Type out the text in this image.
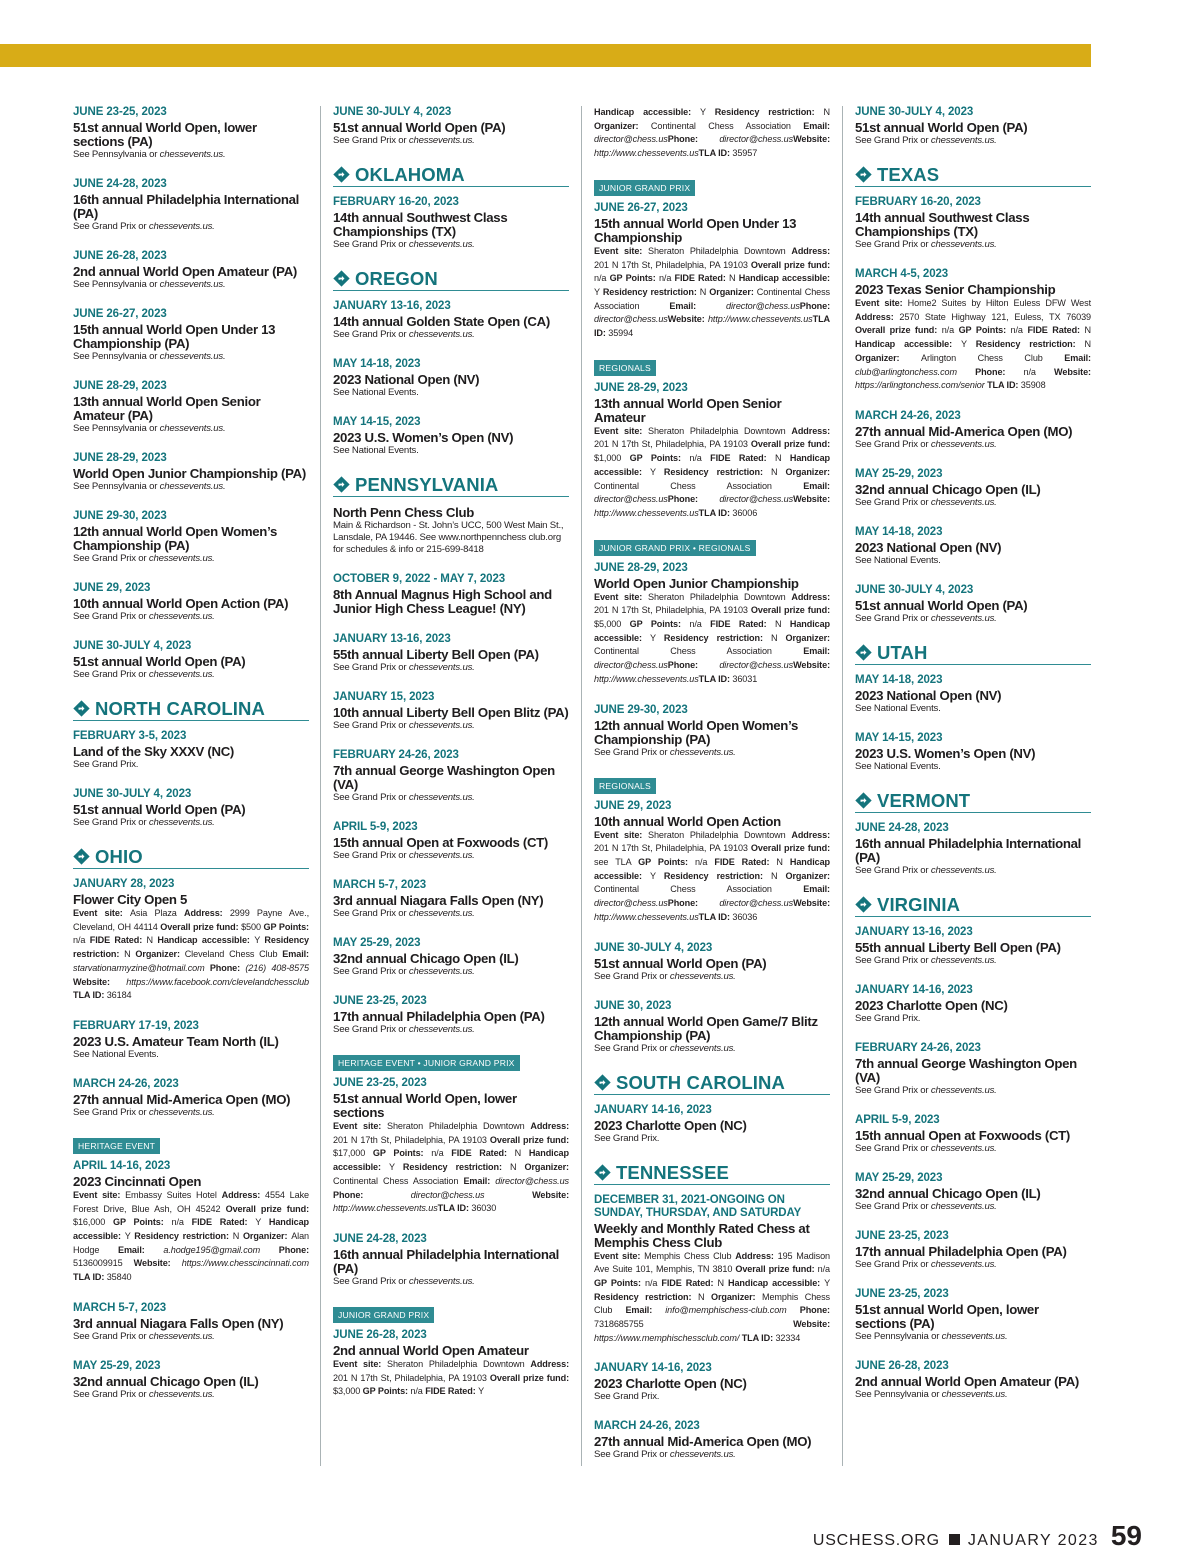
JUNE 23-25, 2023
51st annual World Open, lower sections (PA)
See Pennsylvania or chessevents.us.
JUNE 24-28, 2023
16th annual Philadelphia International (PA)
See Grand Prix or chessevents.us.
JUNE 26-28, 2023
2nd annual World Open Amateur (PA)
See Pennsylvania or chessevents.us.
JUNE 26-27, 2023
15th annual World Open Under 13 Championship (PA)
See Pennsylvania or chessevents.us.
JUNE 28-29, 2023
13th annual World Open Senior Amateur (PA)
See Pennsylvania or chessevents.us.
JUNE 28-29, 2023
World Open Junior Championship (PA)
See Pennsylvania or chessevents.us.
JUNE 29-30, 2023
12th annual World Open Women’s Championship (PA)
See Grand Prix or chessevents.us.
JUNE 29, 2023
10th annual World Open Action (PA)
See Grand Prix or chessevents.us.
JUNE 30-JULY 4, 2023
51st annual World Open (PA)
See Grand Prix or chessevents.us.
NORTH CAROLINA
FEBRUARY 3-5, 2023
Land of the Sky XXXV (NC)
See Grand Prix.
JUNE 30-JULY 4, 2023
51st annual World Open (PA)
See Grand Prix or chessevents.us.
OHIO
JANUARY 28, 2023
Flower City Open 5
Event site: Asia Plaza Address: 2999 Payne Ave., Cleveland, OH 44114 Overall prize fund: $500 GP Points: n/a FIDE Rated: N Handicap accessible: Y Residency restriction: N Organizer: Cleveland Chess Club Email: starvationarmyzine@hotmail.com Phone: (216) 408-8575 Website: https://www.facebook.com/clevelandchessclub TLA ID: 36184
FEBRUARY 17-19, 2023
2023 U.S. Amateur Team North (IL)
See National Events.
MARCH 24-26, 2023
27th annual Mid-America Open (MO)
See Grand Prix or chessevents.us.
HERITAGE EVENT

APRIL 14-16, 2023
2023 Cincinnati Open
Event site: Embassy Suites Hotel Address: 4554 Lake Forest Drive, Blue Ash, OH 45242 Overall prize fund: $16,000 GP Points: n/a FIDE Rated: Y Handicap accessible: Y Residency restriction: N Organizer: Alan Hodge Email: a.hodge195@gmail.com Phone: 5136009915 Website: https://www.chesscincinnati.com TLA ID: 35840
MARCH 5-7, 2023
3rd annual Niagara Falls Open (NY)
See Grand Prix or chessevents.us.
MAY 25-29, 2023
32nd annual Chicago Open (IL)
See Grand Prix or chessevents.us.
JUNE 30-JULY 4, 2023
51st annual World Open (PA)
See Grand Prix or chessevents.us.
OKLAHOMA
FEBRUARY 16-20, 2023
14th annual Southwest Class Championships (TX)
See Grand Prix or chessevents.us.
OREGON
JANUARY 13-16, 2023
14th annual Golden State Open (CA)
See Grand Prix or chessevents.us.
MAY 14-18, 2023
2023 National Open (NV)
See National Events.
MAY 14-15, 2023
2023 U.S. Women’s Open (NV)
See National Events.
PENNSYLVANIA
North Penn Chess Club
Main & Richardson - St. John’s UCC, 500 West Main St., Lansdale, PA 19446. See www.northpennchess club.org for schedules & info or 215-699-8418
OCTOBER 9, 2022 - MAY 7, 2023
8th Annual Magnus High School and Junior High Chess League! (NY)
JANUARY 13-16, 2023
55th annual Liberty Bell Open (PA)
See Grand Prix or chessevents.us.
JANUARY 15, 2023
10th annual Liberty Bell Open Blitz (PA)
See Grand Prix or chessevents.us.
FEBRUARY 24-26, 2023
7th annual George Washington Open (VA)
See Grand Prix or chessevents.us.
APRIL 5-9, 2023
15th annual Open at Foxwoods (CT)
See Grand Prix or chessevents.us.
MARCH 5-7, 2023
3rd annual Niagara Falls Open (NY)
See Grand Prix or chessevents.us.
MAY 25-29, 2023
32nd annual Chicago Open (IL)
See Grand Prix or chessevents.us.
JUNE 23-25, 2023
17th annual Philadelphia Open (PA)
See Grand Prix or chessevents.us.
HERITAGE EVENT • JUNIOR GRAND PRIX

JUNE 23-25, 2023
51st annual World Open, lower sections
Event site: Sheraton Philadelphia Downtown Address: 201 N 17th St, Philadelphia, PA 19103 Overall prize fund: $17,000 GP Points: n/a FIDE Rated: N Handicap accessible: Y Residency restriction: N Organizer: Continental Chess Association Email: director@chess.us Phone: director@chess.us Website: http://www.chessevents.usTLA ID: 36030
JUNE 24-28, 2023
16th annual Philadelphia International (PA)
See Grand Prix or chessevents.us.
JUNIOR GRAND PRIX

JUNE 26-28, 2023
2nd annual World Open Amateur
Event site: Sheraton Philadelphia Downtown Address: 201 N 17th St, Philadelphia, PA 19103 Overall prize fund: $3,000 GP Points: n/a FIDE Rated: Y
Handicap accessible: Y Residency restriction: N Organizer: Continental Chess Association Email: director@chess.usPhone: director@chess.usWebsite: http://www.chessevents.usTLA ID: 35957
JUNIOR GRAND PRIX

JUNE 26-27, 2023
15th annual World Open Under 13 Championship
Event site: Sheraton Philadelphia Downtown Address: 201 N 17th St, Philadelphia, PA 19103 Overall prize fund: n/a GP Points: n/a FIDE Rated: N Handicap accessible: Y Residency restriction: N Organizer: Continental Chess Association Email: director@chess.usPhone: director@chess.usWebsite: http://www.chessevents.usTLA ID: 35994
REGIONALS

JUNE 28-29, 2023
13th annual World Open Senior Amateur
Event site: Sheraton Philadelphia Downtown Address: 201 N 17th St, Philadelphia, PA 19103 Overall prize fund: $1,000 GP Points: n/a FIDE Rated: N Handicap accessible: Y Residency restriction: N Organizer: Continental Chess Association Email: director@chess.usPhone: director@chess.usWebsite: http://www.chessevents.usTLA ID: 36006
JUNIOR GRAND PRIX • REGIONALS

JUNE 28-29, 2023
World Open Junior Championship
Event site: Sheraton Philadelphia Downtown Address: 201 N 17th St, Philadelphia, PA 19103 Overall prize fund: $5,000 GP Points: n/a FIDE Rated: N Handicap accessible: Y Residency restriction: N Organizer: Continental Chess Association Email: director@chess.usPhone: director@chess.usWebsite: http://www.chessevents.usTLA ID: 36031
JUNE 29-30, 2023
12th annual World Open Women’s Championship (PA)
See Grand Prix or chessevents.us.
REGIONALS

JUNE 29, 2023
10th annual World Open Action
Event site: Sheraton Philadelphia Downtown Address: 201 N 17th St, Philadelphia, PA 19103 Overall prize fund: see TLA GP Points: n/a FIDE Rated: N Handicap accessible: Y Residency restriction: N Organizer: Continental Chess Association Email: director@chess.usPhone: director@chess.usWebsite: http://www.chessevents.usTLA ID: 36036
JUNE 30-JULY 4, 2023
51st annual World Open (PA)
See Grand Prix or chessevents.us.
JUNE 30, 2023
12th annual World Open Game/7 Blitz Championship (PA)
See Grand Prix or chessevents.us.
SOUTH CAROLINA
JANUARY 14-16, 2023
2023 Charlotte Open (NC)
See Grand Prix.
TENNESSEE
DECEMBER 31, 2021-ONGOING ON SUNDAY, THURSDAY, AND SATURDAY
Weekly and Monthly Rated Chess at Memphis Chess Club
Event site: Memphis Chess Club Address: 195 Madison Ave Suite 101, Memphis, TN 3810 Overall prize fund: n/a GP Points: n/a FIDE Rated: N Handicap accessible: Y Residency restriction: N Organizer: Memphis Chess Club Email: info@memphischess-club.com Phone: 7318685755 Website: https://www.memphischessclub.com/ TLA ID: 32334
JANUARY 14-16, 2023
2023 Charlotte Open (NC)
See Grand Prix.
MARCH 24-26, 2023
27th annual Mid-America Open (MO)
See Grand Prix or chessevents.us.
JUNE 30-JULY 4, 2023
51st annual World Open (PA)
See Grand Prix or chessevents.us.
TEXAS
FEBRUARY 16-20, 2023
14th annual Southwest Class Championships (TX)
See Grand Prix or chessevents.us.
MARCH 4-5, 2023
2023 Texas Senior Championship
Event site: Home2 Suites by Hilton Euless DFW West Address: 2570 State Highway 121, Euless, TX 76039 Overall prize fund: n/a GP Points: n/a FIDE Rated: N Handicap accessible: Y Residency restriction: N Organizer: Arlington Chess Club Email: club@arlingtonchess.com Phone: n/a Website: https://arlingtonchess.com/senior TLA ID: 35908
MARCH 24-26, 2023
27th annual Mid-America Open (MO)
See Grand Prix or chessevents.us.
MAY 25-29, 2023
32nd annual Chicago Open (IL)
See Grand Prix or chessevents.us.
MAY 14-18, 2023
2023 National Open (NV)
See National Events.
JUNE 30-JULY 4, 2023
51st annual World Open (PA)
See Grand Prix or chessevents.us.
UTAH
MAY 14-18, 2023
2023 National Open (NV)
See National Events.
MAY 14-15, 2023
2023 U.S. Women’s Open (NV)
See National Events.
VERMONT
JUNE 24-28, 2023
16th annual Philadelphia International (PA)
See Grand Prix or chessevents.us.
VIRGINIA
JANUARY 13-16, 2023
55th annual Liberty Bell Open (PA)
See Grand Prix or chessevents.us.
JANUARY 14-16, 2023
2023 Charlotte Open (NC)
See Grand Prix.
FEBRUARY 24-26, 2023
7th annual George Washington Open (VA)
See Grand Prix or chessevents.us.
APRIL 5-9, 2023
15th annual Open at Foxwoods (CT)
See Grand Prix or chessevents.us.
MAY 25-29, 2023
32nd annual Chicago Open (IL)
See Grand Prix or chessevents.us.
JUNE 23-25, 2023
17th annual Philadelphia Open (PA)
See Grand Prix or chessevents.us.
JUNE 23-25, 2023
51st annual World Open, lower sections (PA)
See Pennsylvania or chessevents.us.
JUNE 26-28, 2023
2nd annual World Open Amateur (PA)
See Pennsylvania or chessevents.us.
USCHESS.ORG JANUARY 2023 59
